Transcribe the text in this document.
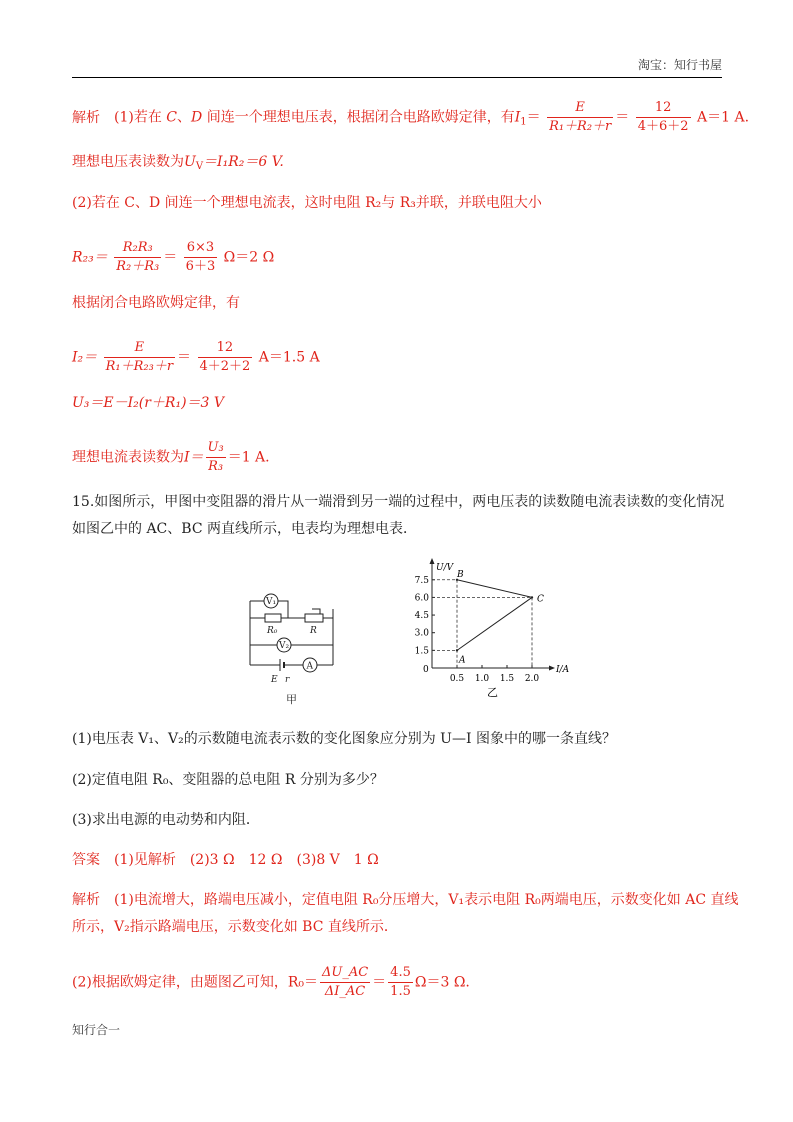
淘宝：知行书屋
解析 (1)若在 C、D 间连一个理想电压表，根据闭合电路欧姆定律，有$I_1= \frac{E}{\text{R₁＋R₂＋r}} = \frac{12}{4+6+2} A=1$ A.
理想电压表读数为$U_V=I_1R_2=6$ V.
(2)若在 C、D 间连一个理想电流表，这时电阻 R₂与 R₃并联，并联电阻大小
$R_{23}= \frac{\text{R₂R₃}}{\text{R₂＋R₃}} = \frac{6\times 3}{6+3} \Omega=2$ Ω
根据闭合电路欧姆定律，有
$I_2= \frac{E}{\text{R₁＋R₂₃＋r}} = \frac{12}{4+2+2} A=1.5$ A
U₃＝E－I₂(r＋R₁)＝3 V
理想电流表读数为$I= \frac{\text{U₃}}{\text{R₃}} =1$ A.
15.如图所示，甲图中变阻器的滑片从一端滑到另一端的过程中，两电压表的读数随电流表读数的变化情况
如图乙中的 AC、BC 两直线所示，电表均为理想电表．
V₁
V₂
A
R₀	R
E r
甲
I/A
U/V
0
0.5 1.0 1.5 2.0
1.5
3.0
4.5
6.0
7.5
A
B
C
乙
(1)电压表 V₁、V₂的示数随电流表示数的变化图象应分别为 U—I 图象中的哪一条直线？
(2)定值电阻 R₀、变阻器的总电阻 R 分别为多少？
(3)求出电源的电动势和内阻．
答案 (1)见解析　(2)3 Ω　12 Ω　(3)8 V　1 Ω
解析 (1)电流增大，路端电压减小，定值电阻 R₀分压增大，V₁表示电阻 R₀两端电压，示数变化如 AC 直线
所示，V₂指示路端电压，示数变化如 BC 直线所示．
(2)根据欧姆定律，由题图乙可知，$R_0= \frac{\Delta U\_AC}{\Delta I\_AC} = \frac{4.5}{1.5} \Omega=3$ Ω.
知行合一
